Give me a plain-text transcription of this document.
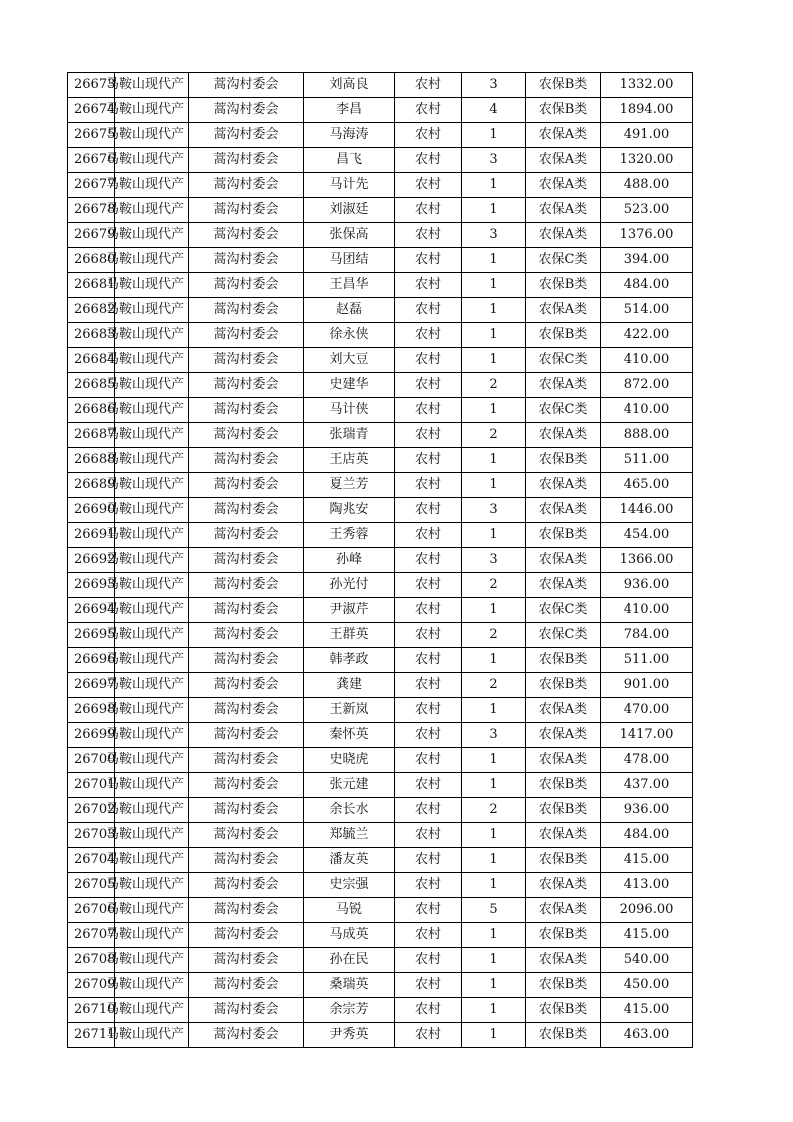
26673	马鞍山现代产	蒿沟村委会	刘高良	农村	3	农保B类	1332.00
26674	马鞍山现代产	蒿沟村委会	李昌	农村	4	农保B类	1894.00
26675	马鞍山现代产	蒿沟村委会	马海涛	农村	1	农保A类	491.00
26676	马鞍山现代产	蒿沟村委会	昌飞	农村	3	农保A类	1320.00
26677	马鞍山现代产	蒿沟村委会	马计先	农村	1	农保A类	488.00
26678	马鞍山现代产	蒿沟村委会	刘淑廷	农村	1	农保A类	523.00
26679	马鞍山现代产	蒿沟村委会	张保高	农村	3	农保A类	1376.00
26680	马鞍山现代产	蒿沟村委会	马团结	农村	1	农保C类	394.00
26681	马鞍山现代产	蒿沟村委会	王昌华	农村	1	农保B类	484.00
26682	马鞍山现代产	蒿沟村委会	赵磊	农村	1	农保A类	514.00
26683	马鞍山现代产	蒿沟村委会	徐永侠	农村	1	农保B类	422.00
26684	马鞍山现代产	蒿沟村委会	刘大豆	农村	1	农保C类	410.00
26685	马鞍山现代产	蒿沟村委会	史建华	农村	2	农保A类	872.00
26686	马鞍山现代产	蒿沟村委会	马计侠	农村	1	农保C类	410.00
26687	马鞍山现代产	蒿沟村委会	张瑞青	农村	2	农保A类	888.00
26688	马鞍山现代产	蒿沟村委会	王店英	农村	1	农保B类	511.00
26689	马鞍山现代产	蒿沟村委会	夏兰芳	农村	1	农保A类	465.00
26690	马鞍山现代产	蒿沟村委会	陶兆安	农村	3	农保A类	1446.00
26691	马鞍山现代产	蒿沟村委会	王秀蓉	农村	1	农保B类	454.00
26692	马鞍山现代产	蒿沟村委会	孙峰	农村	3	农保A类	1366.00
26693	马鞍山现代产	蒿沟村委会	孙光付	农村	2	农保A类	936.00
26694	马鞍山现代产	蒿沟村委会	尹淑芹	农村	1	农保C类	410.00
26695	马鞍山现代产	蒿沟村委会	王群英	农村	2	农保C类	784.00
26696	马鞍山现代产	蒿沟村委会	韩孝政	农村	1	农保B类	511.00
26697	马鞍山现代产	蒿沟村委会	龚建	农村	2	农保B类	901.00
26698	马鞍山现代产	蒿沟村委会	王新岚	农村	1	农保A类	470.00
26699	马鞍山现代产	蒿沟村委会	秦怀英	农村	3	农保A类	1417.00
26700	马鞍山现代产	蒿沟村委会	史晓虎	农村	1	农保A类	478.00
26701	马鞍山现代产	蒿沟村委会	张元建	农村	1	农保B类	437.00
26702	马鞍山现代产	蒿沟村委会	余长水	农村	2	农保B类	936.00
26703	马鞍山现代产	蒿沟村委会	郑毓兰	农村	1	农保A类	484.00
26704	马鞍山现代产	蒿沟村委会	潘友英	农村	1	农保B类	415.00
26705	马鞍山现代产	蒿沟村委会	史宗强	农村	1	农保A类	413.00
26706	马鞍山现代产	蒿沟村委会	马锐	农村	5	农保A类	2096.00
26707	马鞍山现代产	蒿沟村委会	马成英	农村	1	农保B类	415.00
26708	马鞍山现代产	蒿沟村委会	孙在民	农村	1	农保A类	540.00
26709	马鞍山现代产	蒿沟村委会	桑瑞英	农村	1	农保B类	450.00
26710	马鞍山现代产	蒿沟村委会	余宗芳	农村	1	农保B类	415.00
26711	马鞍山现代产	蒿沟村委会	尹秀英	农村	1	农保B类	463.00
